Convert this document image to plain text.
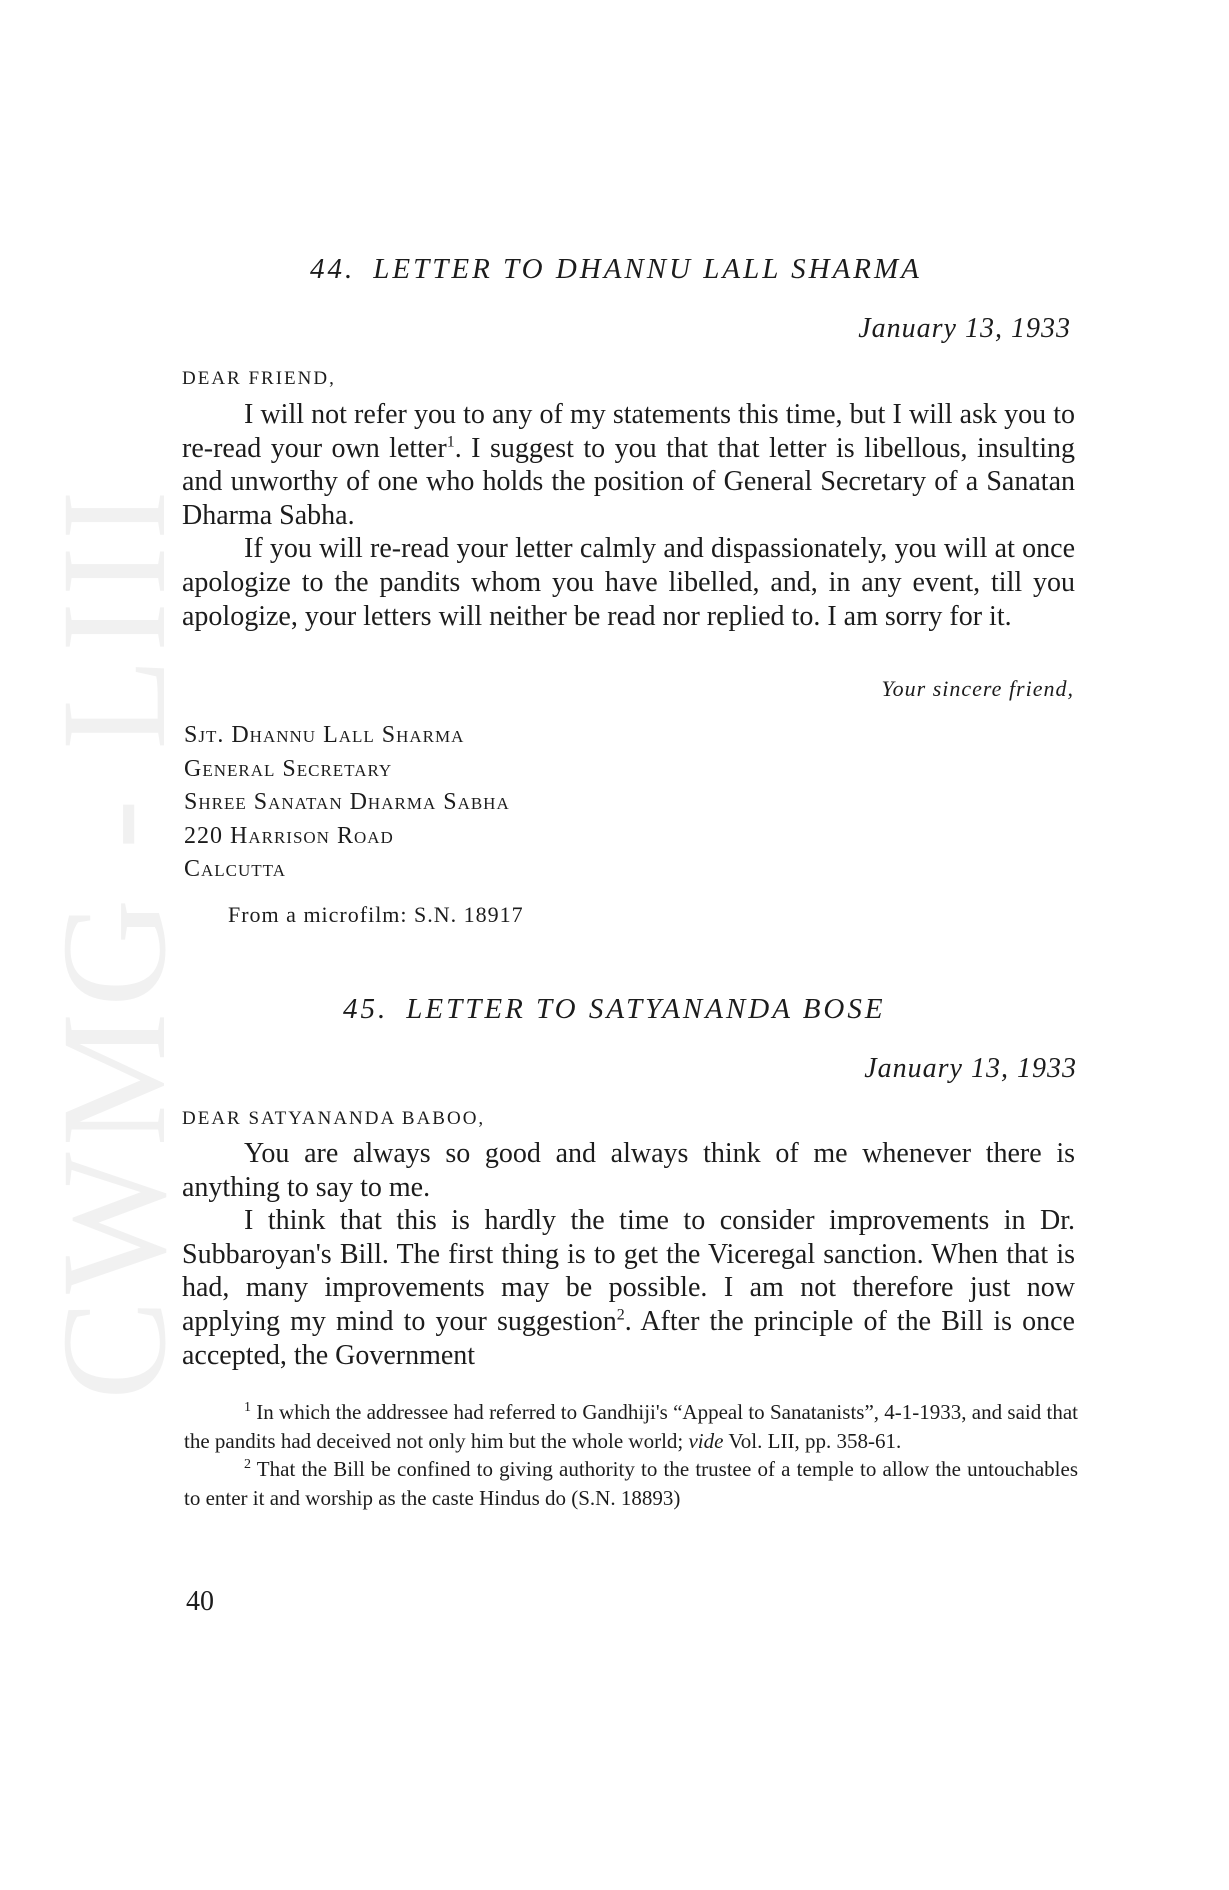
CWMG - LIII
44. LETTER TO DHANNU LALL SHARMA
January 13, 1933
DEAR FRIEND,

I will not refer you to any of my statements this time, but I will ask you to re-read your own letter$^1$. I suggest to you that that letter is libellous, insulting and unworthy of one who holds the position of General Secretary of a Sanatan Dharma Sabha.

If you will re-read your letter calmly and dispassionately, you will at once apologize to the pandits whom you have libelled, and, in any event, till you apologize, your letters will neither be read nor replied to. I am sorry for it.

Your sincere friend,
Sjt. Dhannu Lall Sharma
General Secretary
Shree Sanatan Dharma Sabha
220 Harrison Road
Calcutta
From a microfilm: S.N. 18917
45. LETTER TO SATYANANDA BOSE
January 13, 1933
DEAR SATYANANDA BABOO,

You are always so good and always think of me whenever there is anything to say to me.

I think that this is hardly the time to consider improvements in Dr. Subbaroyan's Bill. The first thing is to get the Viceregal sanction. When that is had, many improvements may be possible. I am not therefore just now applying my mind to your suggestion$^2$. After the principle of the Bill is once accepted, the Government

$^1$ In which the addressee had referred to Gandhiji's “Appeal to Sanatanists”, 4-1-1933, and said that the pandits had deceived not only him but the whole world; vide Vol. LII, pp. 358-61.

$^2$ That the Bill be confined to giving authority to the trustee of a temple to allow the untouchables to enter it and worship as the caste Hindus do (S.N. 18893)

40
